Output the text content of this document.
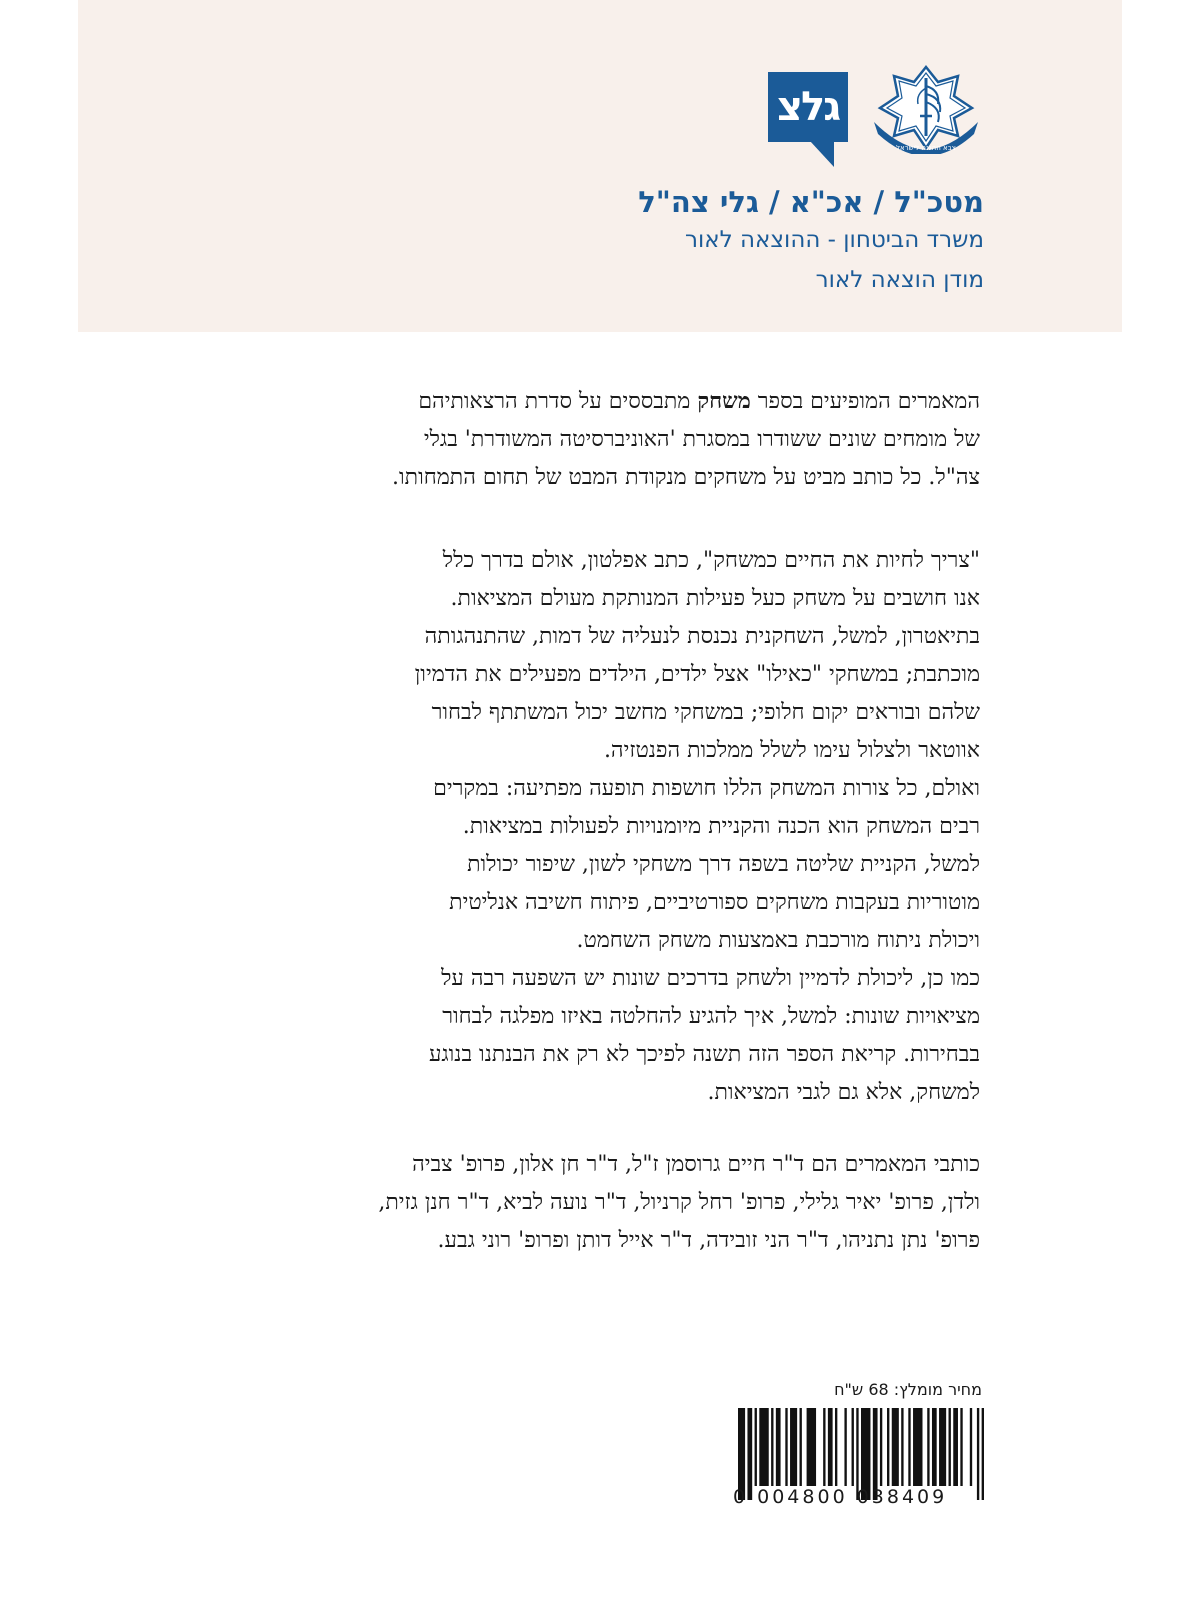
צבא ההגנה לישראל
גלצ

מטכ"ל / אכ"א / גלי צה"ל

משרד הביטחון - ההוצאה לאור

מודן הוצאה לאור

המאמרים המופיעים בספר משחק מתבססים על סדרת הרצאותיהם
של מומחים שונים ששודרו במסגרת 'האוניברסיטה המשודרת' בגלי
צה"ל. כל כותב מביט על משחקים מנקודת המבט של תחום התמחותו.
"צריך לחיות את החיים כמשחק", כתב אפלטון, אולם בדרך כלל
אנו חושבים על משחק כעל פעילות המנותקת מעולם המציאות.
בתיאטרון, למשל, השחקנית נכנסת לנעליה של דמות, שהתנהגותה
מוכתבת; במשחקי "כאילו" אצל ילדים, הילדים מפעילים את הדמיון
שלהם ובוראים יקום חלופי; במשחקי מחשב יכול המשתתף לבחור
אווטאר ולצלול עימו לשלל ממלכות הפנטזיה.
ואולם, כל צורות המשחק הללו חושפות תופעה מפתיעה: במקרים
רבים המשחק הוא הכנה והקניית מיומנויות לפעולות במציאות.
למשל, הקניית שליטה בשפה דרך משחקי לשון, שיפור יכולות
מוטוריות בעקבות משחקים ספורטיביים, פיתוח חשיבה אנליטית
ויכולת ניתוח מורכבת באמצעות משחק השחמט.
כמו כן, ליכולת לדמיין ולשחק בדרכים שונות יש השפעה רבה על
מציאויות שונות: למשל, איך להגיע להחלטה באיזו מפלגה לבחור
בבחירות. קריאת הספר הזה תשנה לפיכך לא רק את הבנתנו בנוגע
למשחק, אלא גם לגבי המציאות.
כותבי המאמרים הם ד"ר חיים גרוסמן ז"ל, ד"ר חן אלון, פרופ' צביה
ולדן, פרופ' יאיר גלילי, פרופ' רחל קרניול, ד"ר נועה לביא, ד"ר חנן גזית,
פרופ' נתן נתניהו, ד"ר הני זובידה, ד"ר אייל דותן ופרופ' רוני גבע.
מחיר מומלץ: 68 ש"ח
0 004800 038409
